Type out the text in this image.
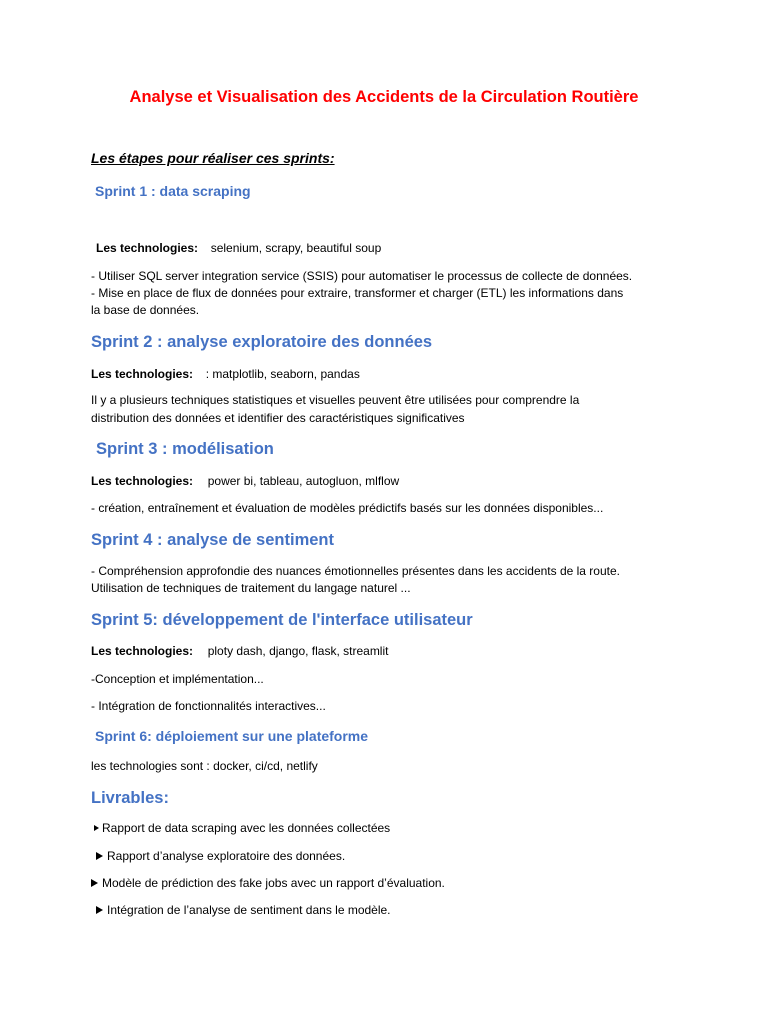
Analyse et Visualisation des Accidents de la Circulation Routière
Les étapes pour réaliser ces sprints:
Sprint 1 : data scraping
Les technologies: selenium, scrapy, beautiful soup
- Utiliser SQL server integration service (SSIS) pour automatiser le processus de collecte de données.
- Mise en place de flux de données pour extraire, transformer et charger (ETL) les informations dans
la base de données.
Sprint 2 : analyse exploratoire des données
Les technologies: : matplotlib, seaborn, pandas
Il y a plusieurs techniques statistiques et visuelles peuvent être utilisées pour comprendre la
distribution des données et identifier des caractéristiques significatives
Sprint 3 : modélisation
Les technologies: power bi, tableau, autogluon, mlflow
- création, entraînement et évaluation de modèles prédictifs basés sur les données disponibles...
Sprint 4 : analyse de sentiment
- Compréhension approfondie des nuances émotionnelles présentes dans les accidents de la route.
Utilisation de techniques de traitement du langage naturel ...
Sprint 5: développement de l'interface utilisateur
Les technologies: ploty dash, django, flask, streamlit
-Conception et implémentation...
- Intégration de fonctionnalités interactives...
Sprint 6: déploiement sur une plateforme
les technologies sont : docker, ci/cd, netlify
Livrables:
Rapport de data scraping avec les données collectées
Rapport d’analyse exploratoire des données.
Modèle de prédiction des fake jobs avec un rapport d’évaluation.
Intégration de l’analyse de sentiment dans le modèle.
